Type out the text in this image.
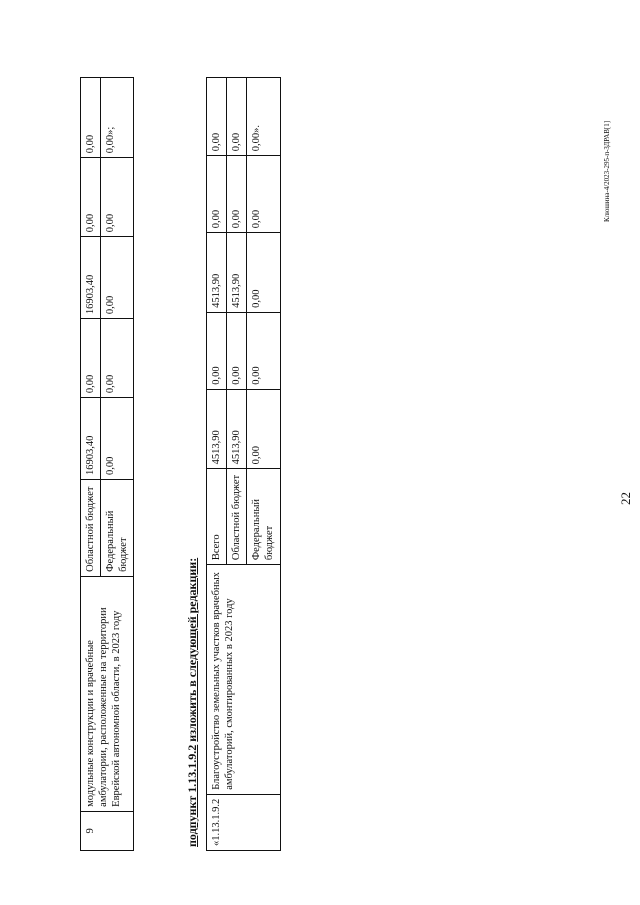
9	модульные конструкции и врачебные амбулатории, расположенные на территории Еврейской автономной области, в 2023 году	Областной бюджет	16903,40	0,00	16903,40	0,00	0,00
		Федеральный бюджет	0,00	0,00	0,00	0,00	0,00»;
подпункт 1.13.1.9.2 изложить в следующей редакции:
«1.13.1.9.2	Благоустройство земельных участков врачебных амбулаторий, смонтированных в 2023 году	Всего	4513,90	0,00	4513,90	0,00	0,00
		Областной бюджет	4513,90	0,00	4513,90	0,00	0,00
		Федеральный бюджет	0,00	0,00	0,00	0,00	0,00».
22
Клюшина-4/2023-295-п-ЗДРАВ[1]
